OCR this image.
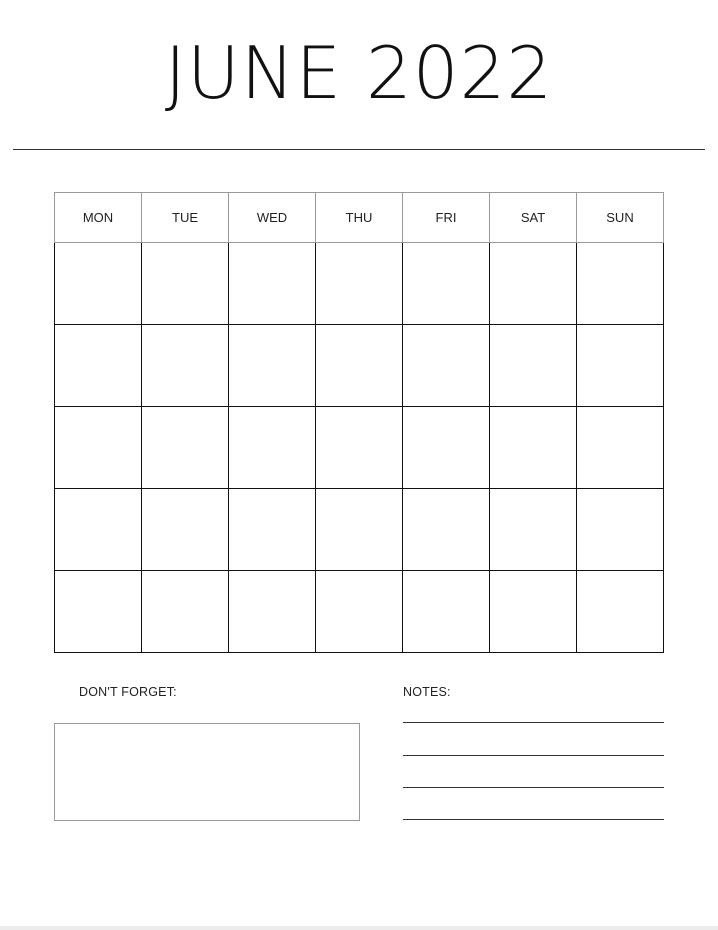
JUNE 2022
MON	TUE	WED	THU	FRI	SAT	SUN

DON'T FORGET:	NOTES:
